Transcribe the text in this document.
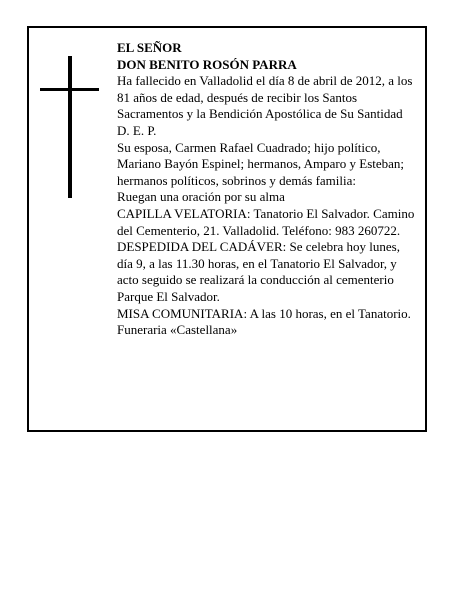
EL SEÑOR
DON BENITO ROSÓN PARRA

Ha fallecido en Valladolid el día 8 de abril de 2012, a los 81 años de edad, después de recibir los Santos Sacramentos y la Bendición Apostólica de Su Santidad D. E. P.

Su esposa, Carmen Rafael Cuadrado; hijo político, Mariano Bayón Espinel; hermanos, Amparo y Esteban; hermanos políticos, sobrinos y demás familia:

Ruegan una oración por su alma

CAPILLA VELATORIA: Tanatorio El Salvador. Camino del Cementerio, 21. Valladolid. Teléfono: 983 260722.

DESPEDIDA DEL CADÁVER: Se celebra hoy lunes, día 9, a las 11.30 horas, en el Tanatorio El Salvador, y acto seguido se realizará la conducción al cementerio Parque El Salvador.

MISA COMUNITARIA: A las 10 horas, en el Tanatorio.

Funeraria «Castellana»
